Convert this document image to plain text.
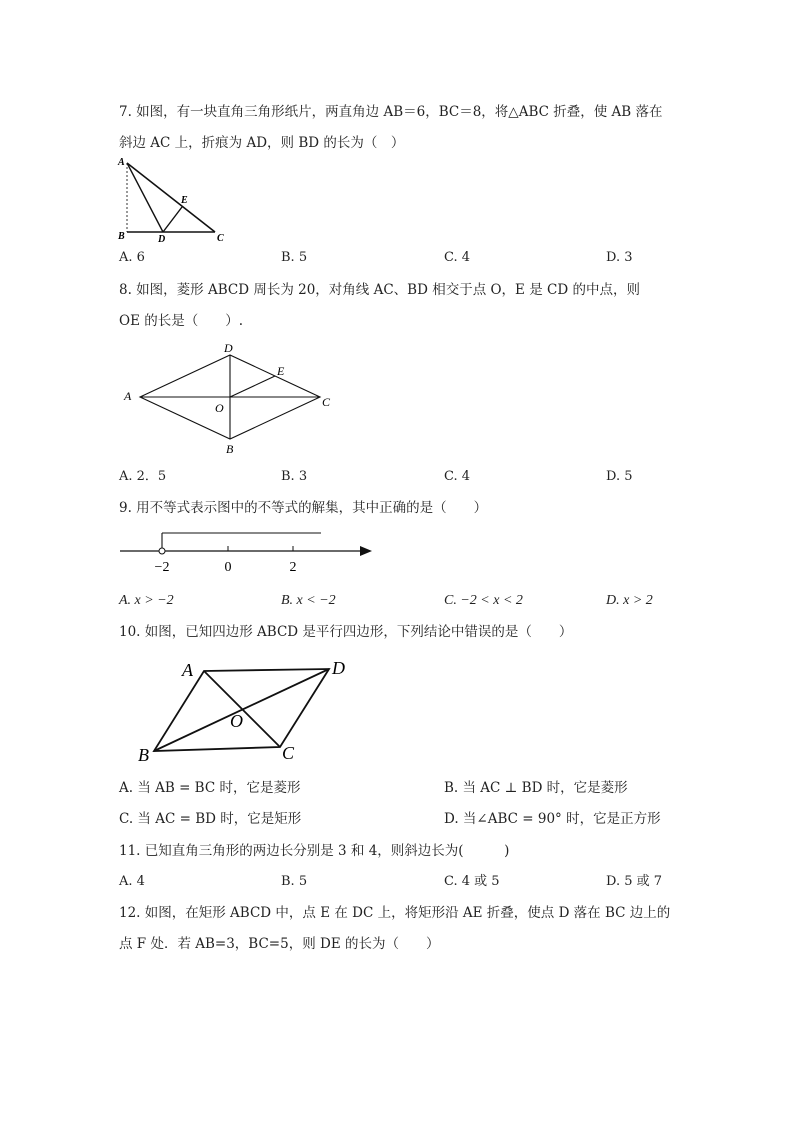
7. 如图，有一块直角三角形纸片，两直角边 AB＝6，BC＝8，将△ABC 折叠，使 AB 落在
斜边 AC 上，折痕为 AD，则 BD 的长为（　）
A
B	D
E
C
A. 6	B. 5	C. 4	D. 3
8. 如图，菱形 ABCD 周长为 20，对角线 AC、BD 相交于点 O，E 是 CD 的中点，则
OE 的长是（　　）.
A
D
E
O	C
B
A. 2．5	B. 3	C. 4	D. 5
9. 用不等式表示图中的不等式的解集，其中正确的是（　　）
−2	0	2
A. x > −2	B. x < −2	C. −2 < x < 2	D. x > 2
10. 如图，已知四边形 ABCD 是平行四边形，下列结论中错误的是（　　）
A	D
O
B	C
A. 当 AB = BC 时，它是菱形	B. 当 AC ⊥ BD 时，它是菱形
C. 当 AC = BD 时，它是矩形	D. 当∠ABC = 90° 时，它是正方形
11. 已知直角三角形的两边长分别是 3 和 4，则斜边长为(　　　)
A. 4	B. 5	C. 4 或 5	D. 5 或 7
12. 如图，在矩形 ABCD 中，点 E 在 DC 上，将矩形沿 AE 折叠，使点 D 落在 BC 边上的
点 F 处．若 AB=3，BC=5，则 DE 的长为（　　）
